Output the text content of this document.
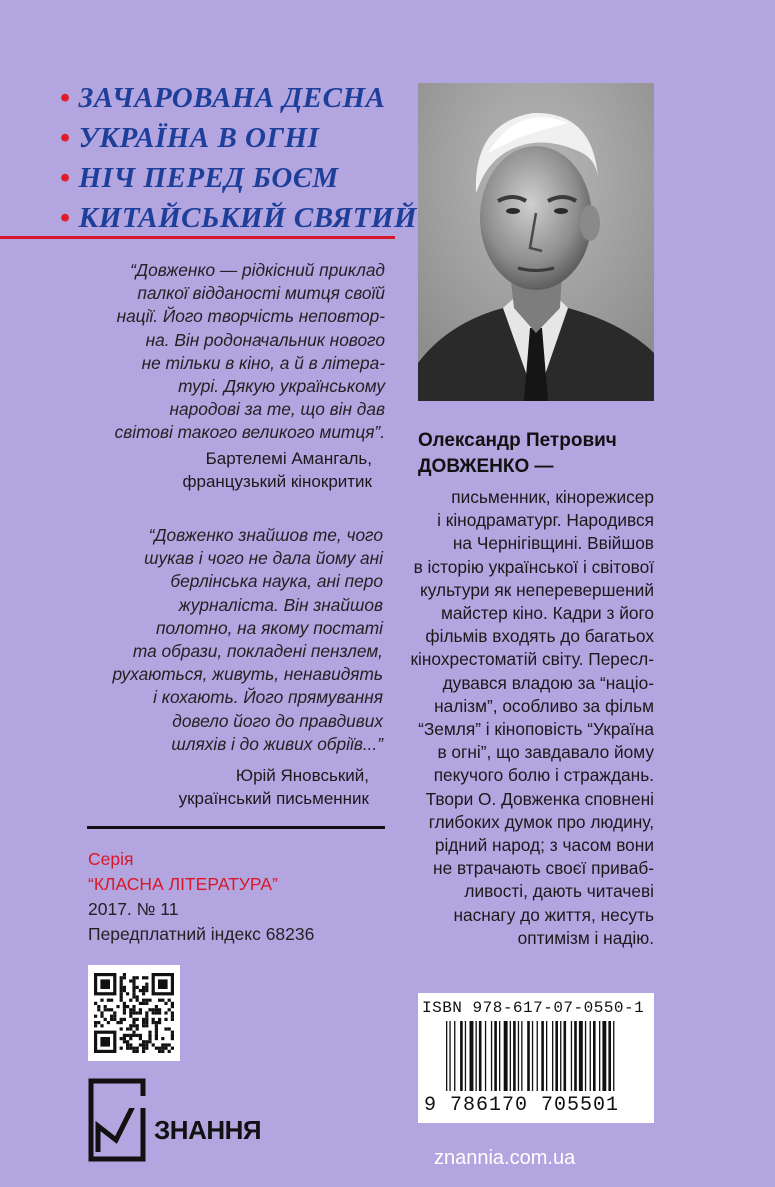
• ЗАЧАРОВАНА ДЕСНА
• УКРАЇНА В ОГНІ
• НІЧ ПЕРЕД БОЄМ
• КИТАЙСЬКИЙ СВЯТИЙ
“Довженко — рідкісний приклад
палкої відданості митця своїй
нації. Його творчість неповтор-
на. Він родоначальник нового
не тільки в кіно, а й в літера-
турі. Дякую українському
народові за те, що він дав
світові такого великого митця”.
Бартелемі Амангаль,
французький кінокритик
“Довженко знайшов те, чого
шукав і чого не дала йому ані
берлінська наука, ані перо
журналіста. Він знайшов
полотно, на якому постаті
та образи, покладені пензлем,
рухаються, живуть, ненавидять
і кохають. Його прямування
довело його до правдивих
шляхів і до живих обріїв...”
Юрій Яновський,
український письменник
Серія
“КЛАСНА ЛІТЕРАТУРА”
2017. № 11
Передплатний індекс 68236
ЗНАННЯ
Олександр Петрович
ДОВЖЕНКО —
письменник, кінорежисер
і кінодраматург. Народився
на Чернігівщині. Ввійшов
в історію української і світової
культури як неперевершений
майстер кіно. Кадри з його
фільмів входять до багатьох
кінохрестоматій світу. Пересл-
дувався владою за “націо-
налізм”, особливо за фільм
“Земля” і кіноповість “Україна
в огні”, що завдавало йому
пекучого болю і страждань.
Твори О. Довженка сповнені
глибоких думок про людину,
рідний народ; з часом вони
не втрачають своєї приваб-
ливості, дають читачеві
наснагу до життя, несуть
оптимізм і надію.
ISBN 978-617-07-0550-1
9 786170 705501
znannia.com.ua
